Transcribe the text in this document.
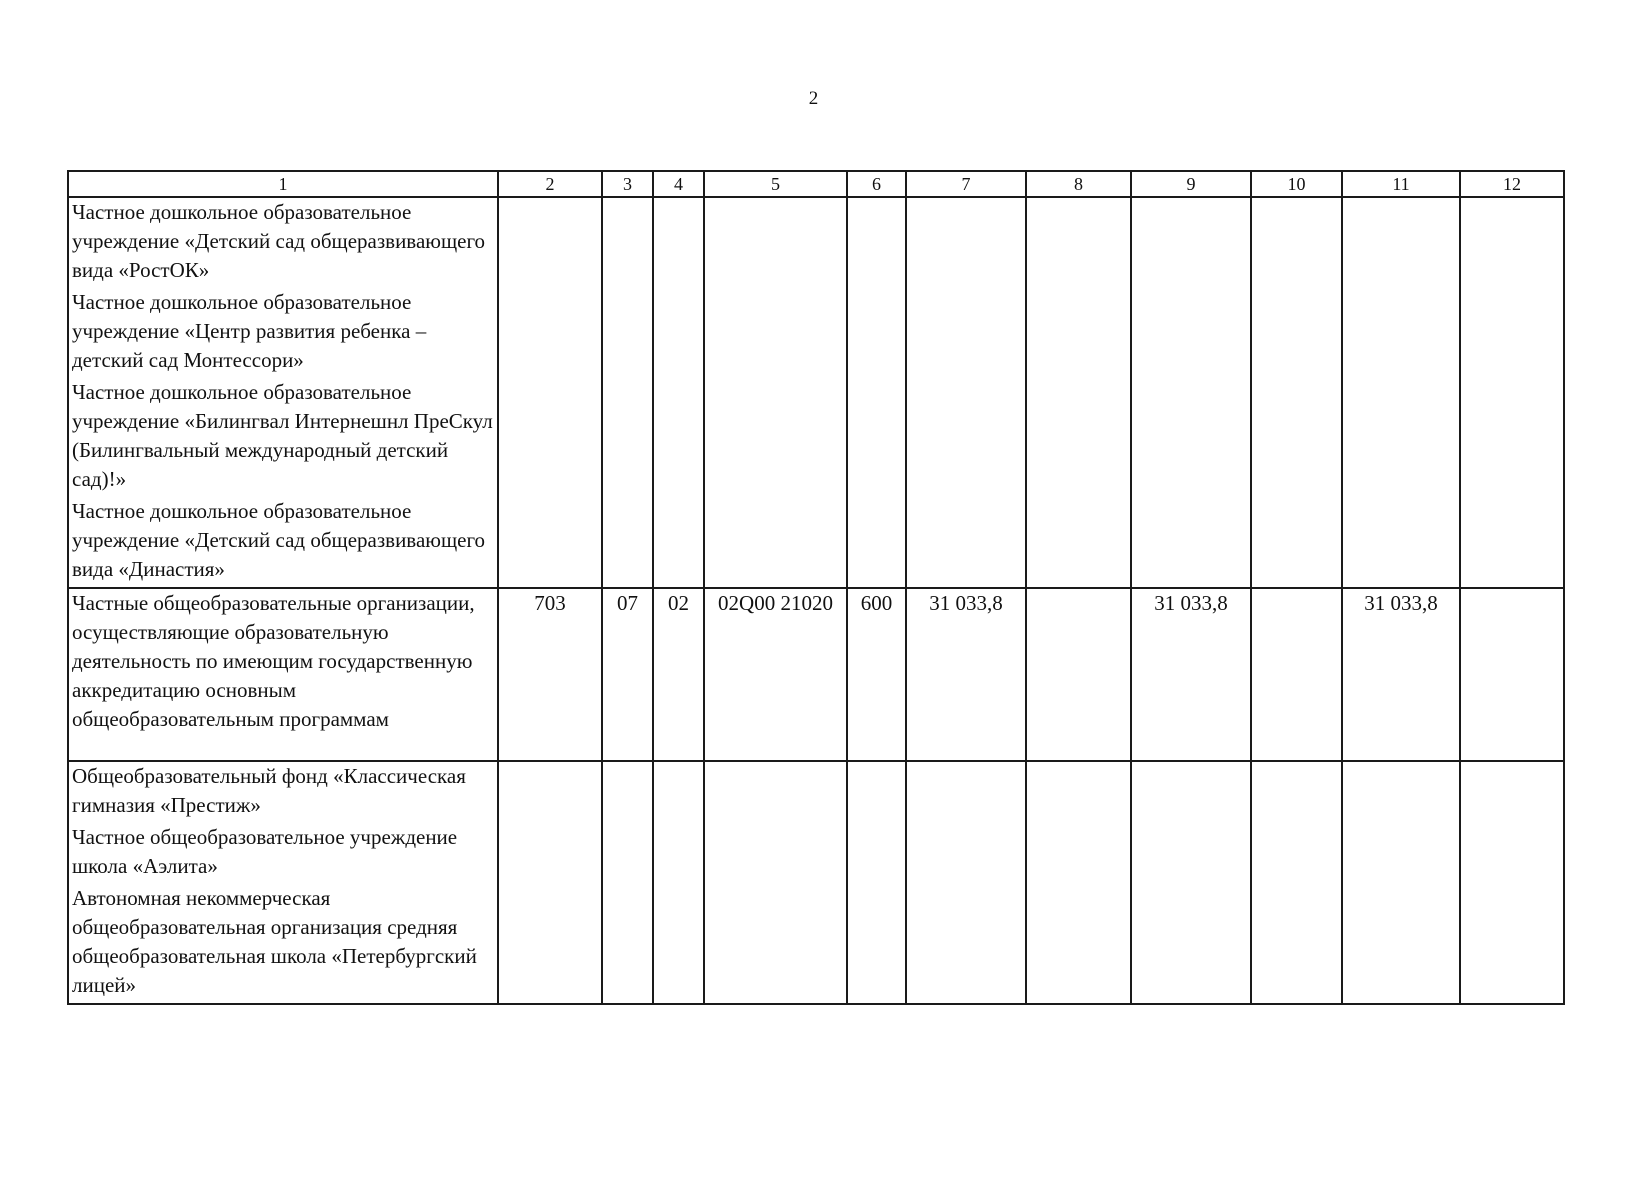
2
1	2	3	4	5	6	7	8	9	10	11	12

Частное дошкольное образовательное учреждение «Детский сад общеразвивающего вида «РостОК»
Частное дошкольное образовательное учреждение «Центр развития ребенка – детский сад Монтессори»
Частное дошкольное образовательное учреждение «Билингвал Интернешнл ПреСкул (Билингвальный международный детский сад)!»
Частное дошкольное образовательное учреждение «Детский сад общеразвивающего вида «Династия»											

Частные общеобразовательные организации, осуществляющие образовательную деятельность по имеющим государственную аккредитацию основным общеобразовательным программам	703	07	02	02Q00 21020	600	31 033,8		31 033,8		31 033,8	

Общеобразовательный фонд «Классическая гимназия «Престиж»
Частное общеобразовательное учреждение школа «Аэлита»
Автономная некоммерческая общеобразовательная организация средняя общеобразовательная школа «Петербургский лицей»											
